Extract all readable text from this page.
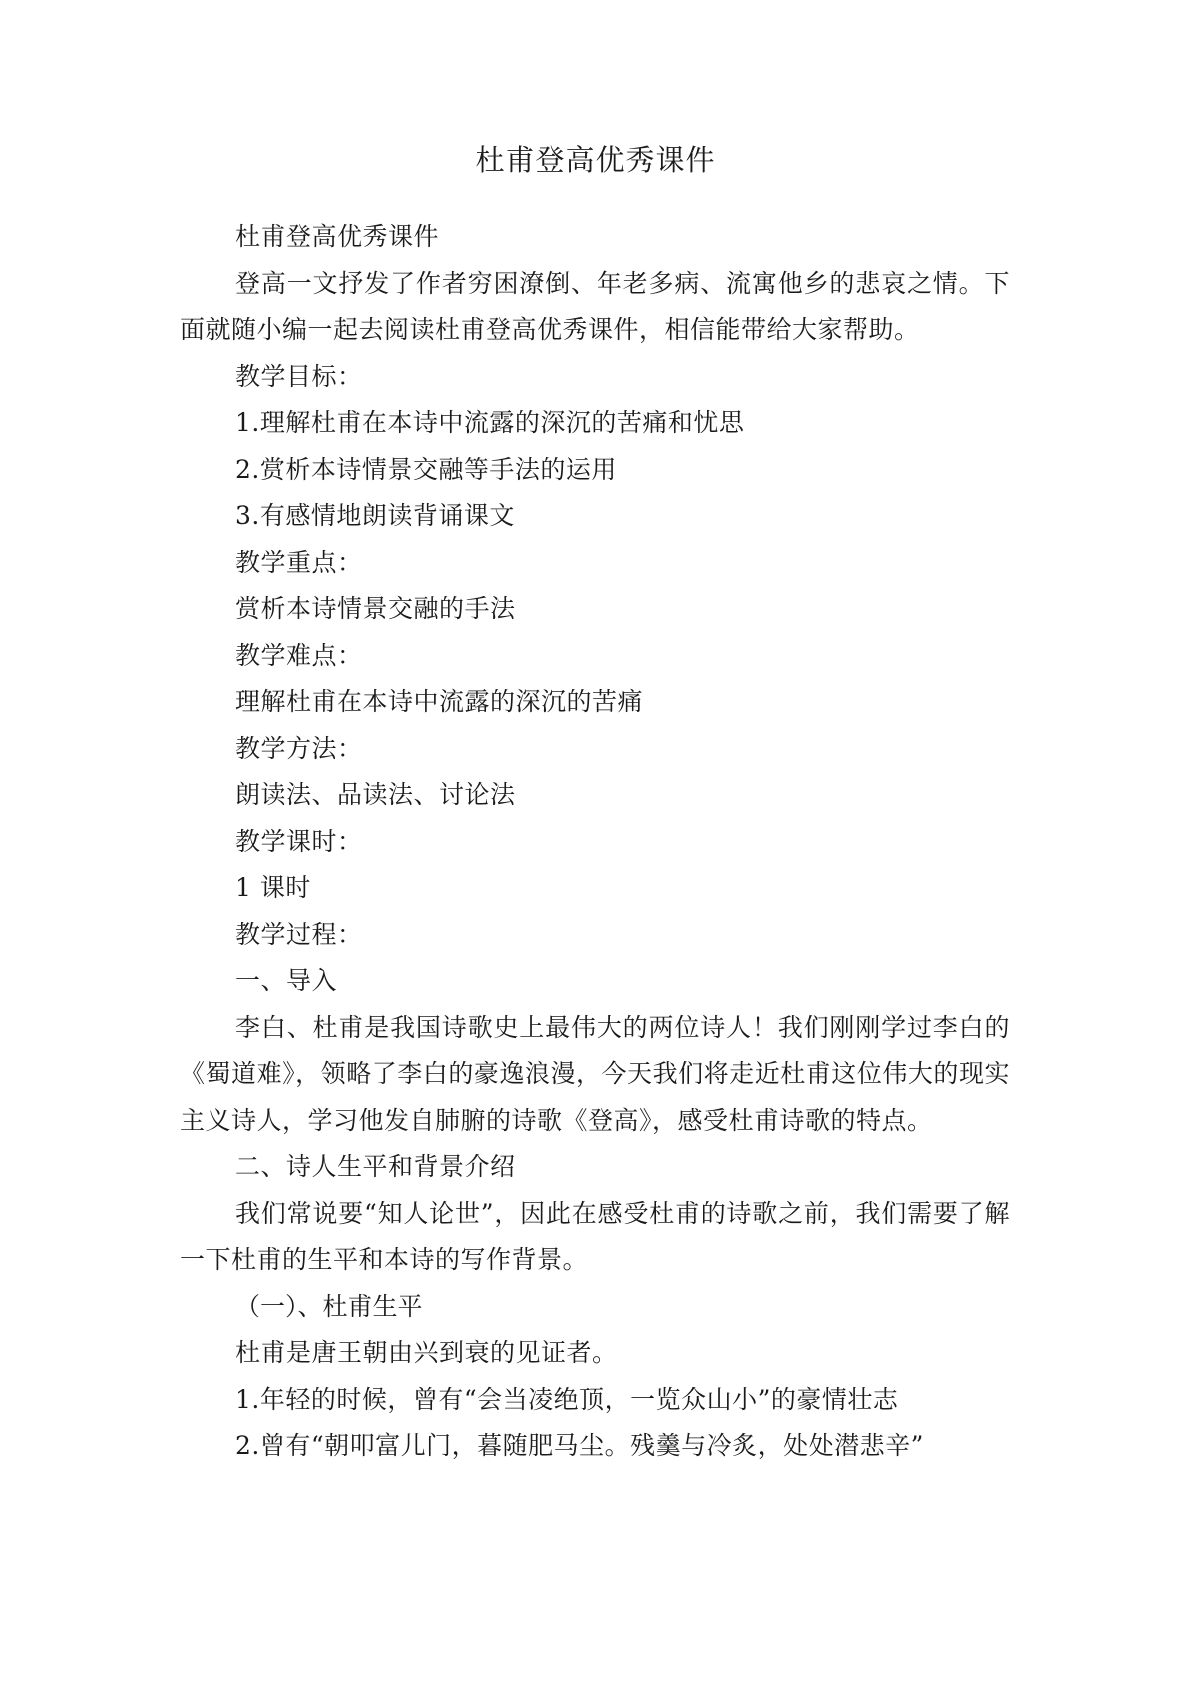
杜甫登高优秀课件

杜甫登高优秀课件

登高一文抒发了作者穷困潦倒、年老多病、流寓他乡的悲哀之情。下面就随小编一起去阅读杜甫登高优秀课件，相信能带给大家帮助。

教学目标：

1.理解杜甫在本诗中流露的深沉的苦痛和忧思

2.赏析本诗情景交融等手法的运用

3.有感情地朗读背诵课文

教学重点：

赏析本诗情景交融的手法

教学难点：

理解杜甫在本诗中流露的深沉的苦痛

教学方法：

朗读法、品读法、讨论法

教学课时：

1 课时

教学过程：

一、导入

李白、杜甫是我国诗歌史上最伟大的两位诗人！我们刚刚学过李白的《蜀道难》，领略了李白的豪逸浪漫，今天我们将走近杜甫这位伟大的现实主义诗人，学习他发自肺腑的诗歌《登高》，感受杜甫诗歌的特点。

二、诗人生平和背景介绍

我们常说要“知人论世”，因此在感受杜甫的诗歌之前，我们需要了解一下杜甫的生平和本诗的写作背景。

（一）、杜甫生平

杜甫是唐王朝由兴到衰的见证者。

1.年轻的时候，曾有“会当凌绝顶，一览众山小”的豪情壮志

2.曾有“朝叩富儿门，暮随肥马尘。残羹与冷炙，处处潜悲辛”
